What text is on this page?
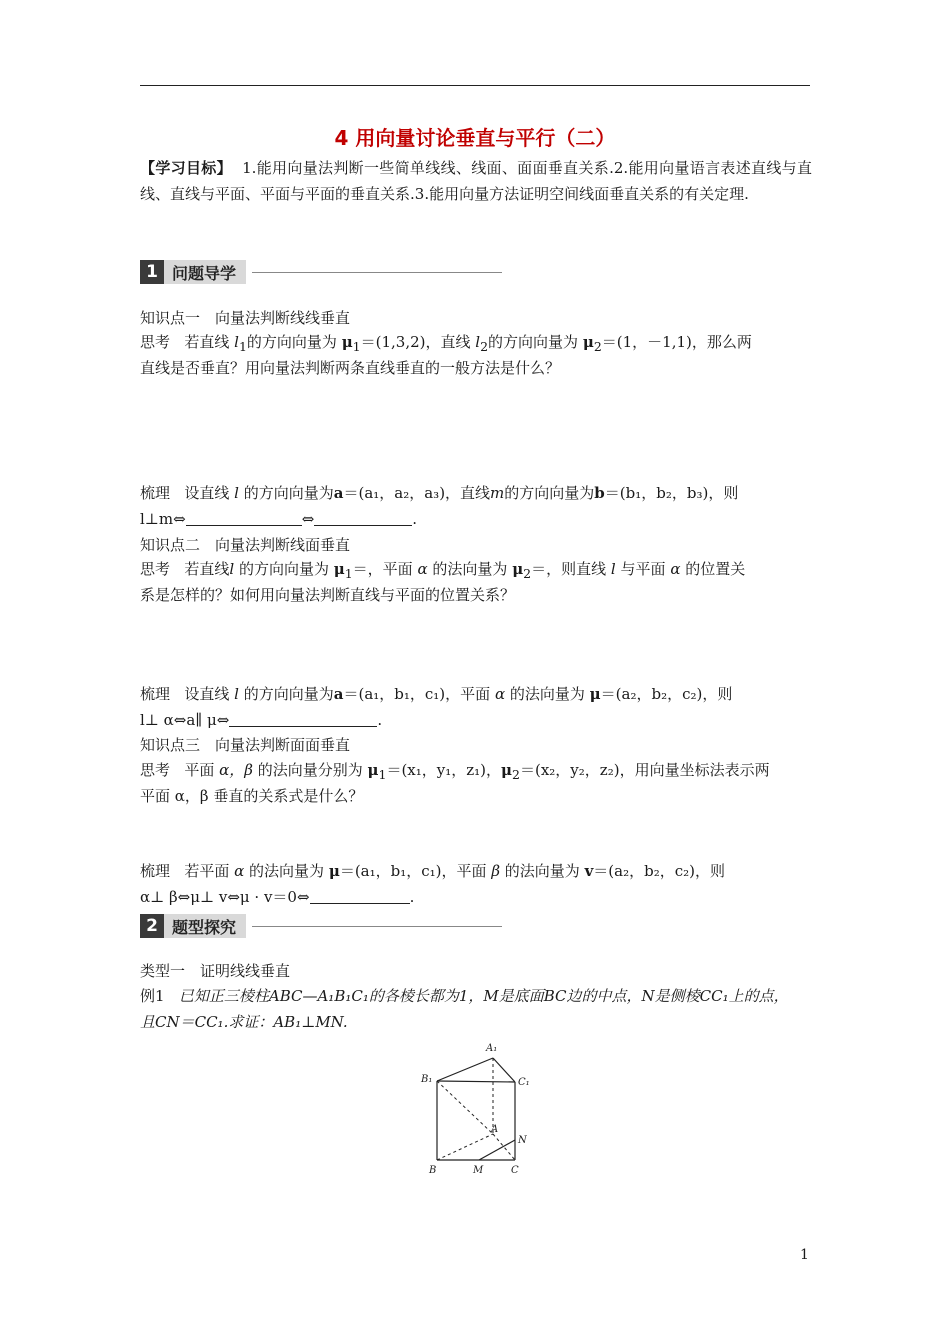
4 用向量讨论垂直与平行（二）
【学习目标】 1.能用向量法判断一些简单线线、线面、面面垂直关系.2.能用向量语言表述直线与直线、直线与平面、平面与平面的垂直关系.3.能用向量方法证明空间线面垂直关系的有关定理.
1 问题导学
知识点一　向量法判断线线垂直
思考 若直线 $l_1$的方向向量为 $\mu_1=(1,3,2)$，直线 $l_2$的方向向量为 $\mu_2=(1$，－1,1)，那么两
直线是否垂直？用向量法判断两条直线垂直的一般方法是什么？
梳理 设直线 l 的方向向量为a＝(a₁，a₂，a₃)，直线m的方向向量为b＝(b₁，b₂，b₃)，则
l⊥m⇔	⇔	.
知识点二　向量法判断线面垂直
思考 若直线l 的方向向量为 $\mu_1=$，平面 α 的法向量为 $\mu_2=$，则直线 l 与平面 α 的位置关
系是怎样的？如何用向量法判断直线与平面的位置关系？
梳理 设直线 l 的方向向量为a＝(a₁，b₁，c₁)，平面 α 的法向量为 μ＝(a₂，b₂，c₂)，则
l⊥ α⇔a∥ μ⇔	.
知识点三　向量法判断面面垂直
思考 平面 α，β 的法向量分别为 $\mu_1=(x_1$，y₁，z₁)，$\mu_2=(x_2$，y₂，z₂)，用向量坐标法表示两
平面 α，β 垂直的关系式是什么？
梳理 若平面 α 的法向量为 μ＝(a₁，b₁，c₁)，平面 β 的法向量为 v＝(a₂，b₂，c₂)，则
α⊥ β⇔μ⊥ v⇔μ · v＝0⇔	.
2 题型探究
类型一　证明线线垂直
例1 已知正三棱柱ABC—A₁B₁C₁的各棱长都为1，M是底面BC边的中点，N是侧棱CC₁上的点，
且CN＝CC₁.求证：AB₁⊥MN.
A₁
B₁	C₁
A
N
B	M	C
1
